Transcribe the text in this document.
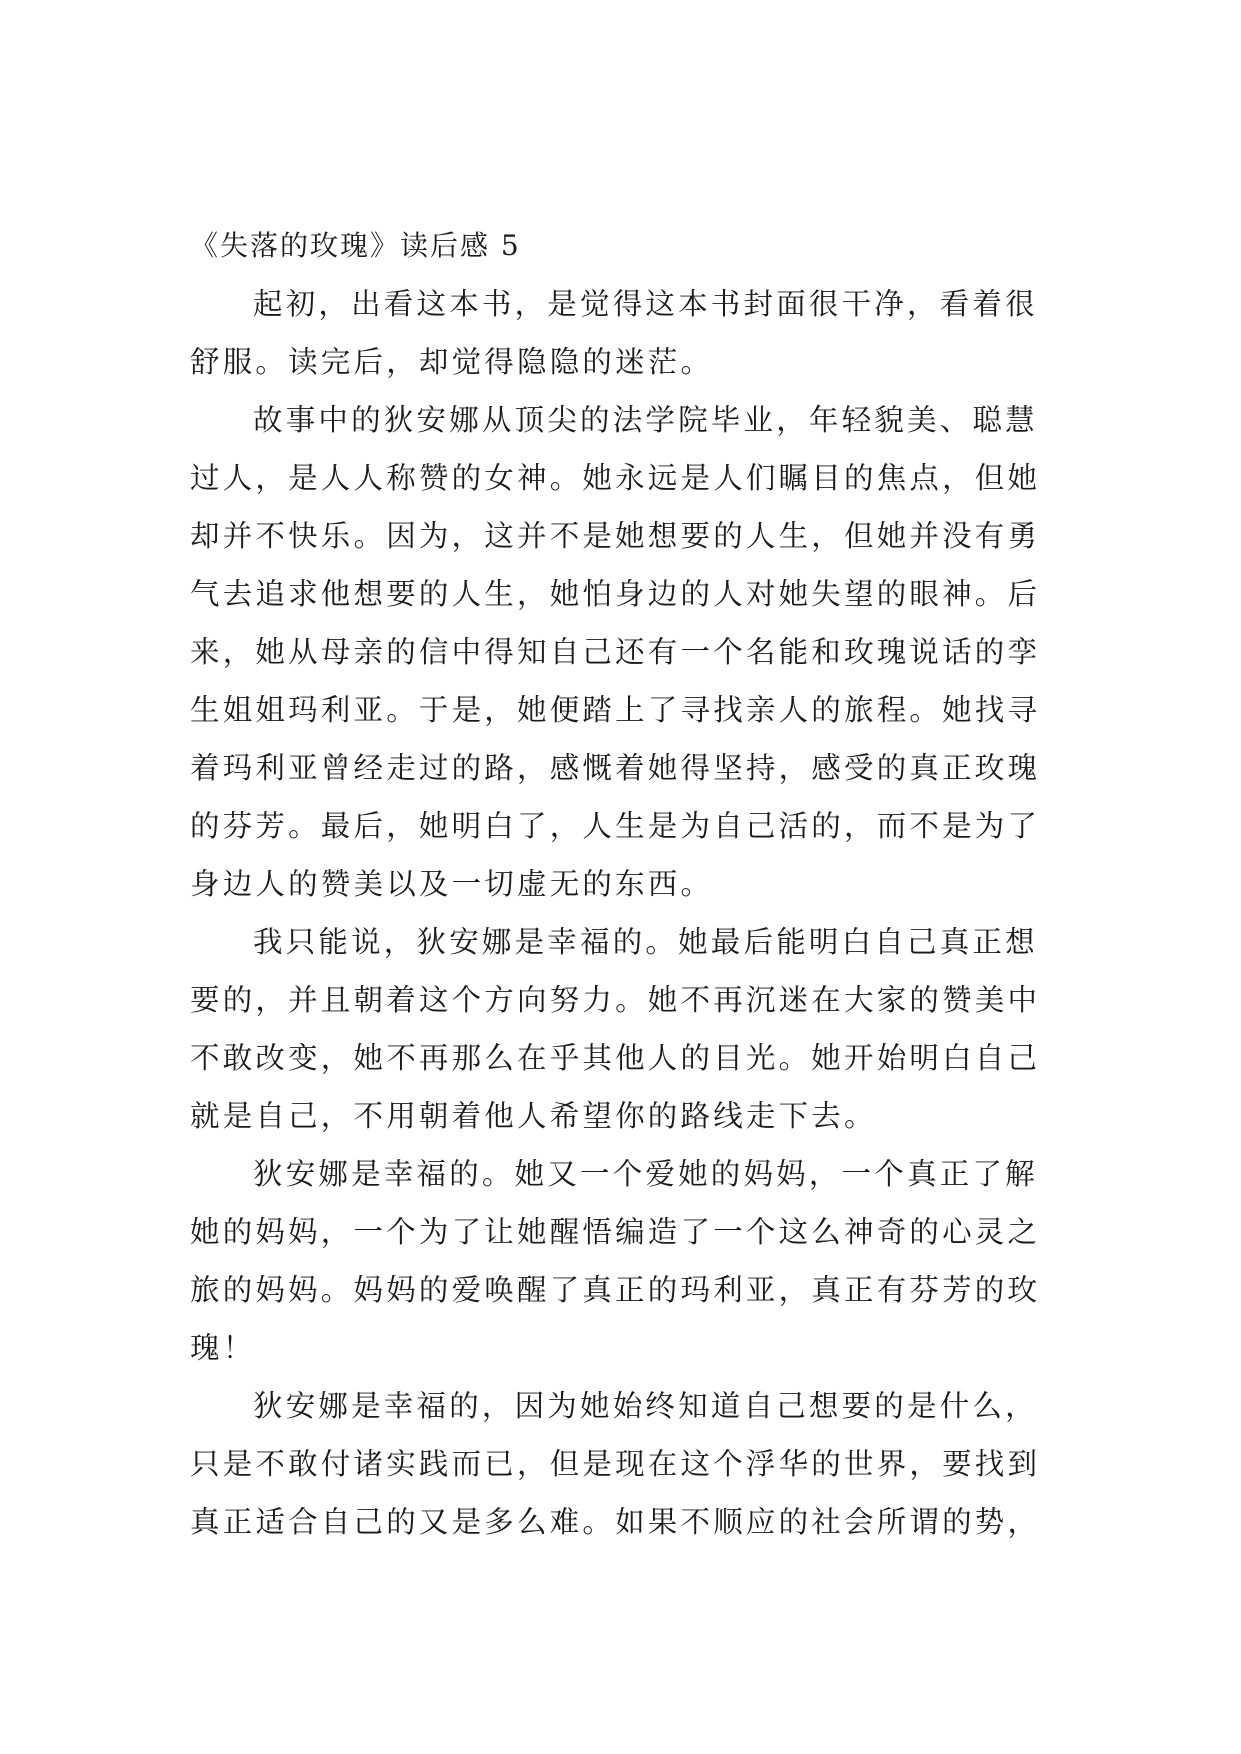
《失落的玫瑰》读后感 5
起初，出看这本书，是觉得这本书封面很干净，看着很
舒服。读完后，却觉得隐隐的迷茫。
故事中的狄安娜从顶尖的法学院毕业，年轻貌美、聪慧
过人，是人人称赞的女神。她永远是人们瞩目的焦点，但她
却并不快乐。因为，这并不是她想要的人生，但她并没有勇
气去追求他想要的人生，她怕身边的人对她失望的眼神。后
来，她从母亲的信中得知自己还有一个名能和玫瑰说话的孪
生姐姐玛利亚。于是，她便踏上了寻找亲人的旅程。她找寻
着玛利亚曾经走过的路，感慨着她得坚持，感受的真正玫瑰
的芬芳。最后，她明白了，人生是为自己活的，而不是为了
身边人的赞美以及一切虚无的东西。
我只能说，狄安娜是幸福的。她最后能明白自己真正想
要的，并且朝着这个方向努力。她不再沉迷在大家的赞美中
不敢改变，她不再那么在乎其他人的目光。她开始明白自己
就是自己，不用朝着他人希望你的路线走下去。
狄安娜是幸福的。她又一个爱她的妈妈，一个真正了解
她的妈妈，一个为了让她醒悟编造了一个这么神奇的心灵之
旅的妈妈。妈妈的爱唤醒了真正的玛利亚，真正有芬芳的玫
瑰！
狄安娜是幸福的，因为她始终知道自己想要的是什么，
只是不敢付诸实践而已，但是现在这个浮华的世界，要找到
真正适合自己的又是多么难。如果不顺应的社会所谓的势，
